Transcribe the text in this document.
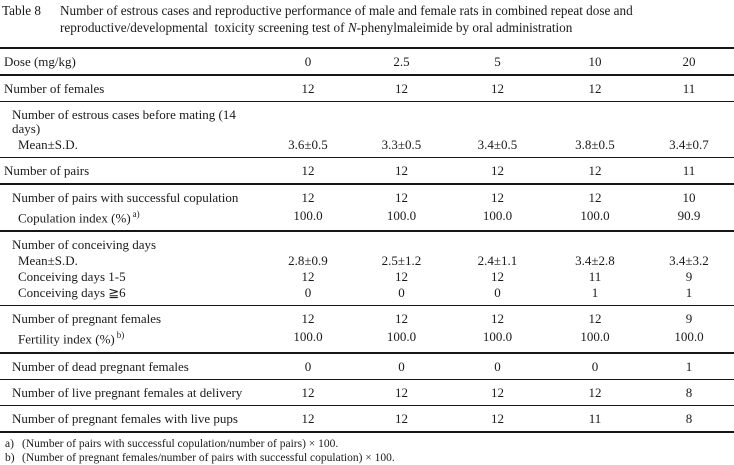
Table 8	Number of estrous cases and reproductive performance of male and female rats in combined repeat dose and
reproductive/developmental  toxicity screening test of N-phenylmaleimide by oral administration
Dose (mg/kg)	0	2.5	5	10	20
Number of females	12	12	12	12	11
Number of estrous cases before mating (14 days)					
Mean±S.D.	3.6±0.5	3.3±0.5	3.4±0.5	3.8±0.5	3.4±0.7
Number of pairs	12	12	12	12	11
Number of pairs with successful copulation	12	12	12	12	10
Copulation index (%) $^{a)}$	100.0	100.0	100.0	100.0	90.9
Number of conceiving days					
Mean±S.D.	2.8±0.9	2.5±1.2	2.4±1.1	3.4±2.8	3.4±3.2
Conceiving days 1-5	12	12	12	11	9
Conceiving days ≧6	0	0	0	1	1
Number of pregnant females	12	12	12	12	9
Fertility index (%) $^{b)}$	100.0	100.0	100.0	100.0	100.0
Number of dead pregnant females	0	0	0	0	1
Number of live pregnant females at delivery	12	12	12	12	8
Number of pregnant females with live pups	12	12	12	11	8
a) (Number of pairs with successful copulation/number of pairs) × 100.
b) (Number of pregnant females/number of pairs with successful copulation) × 100.
